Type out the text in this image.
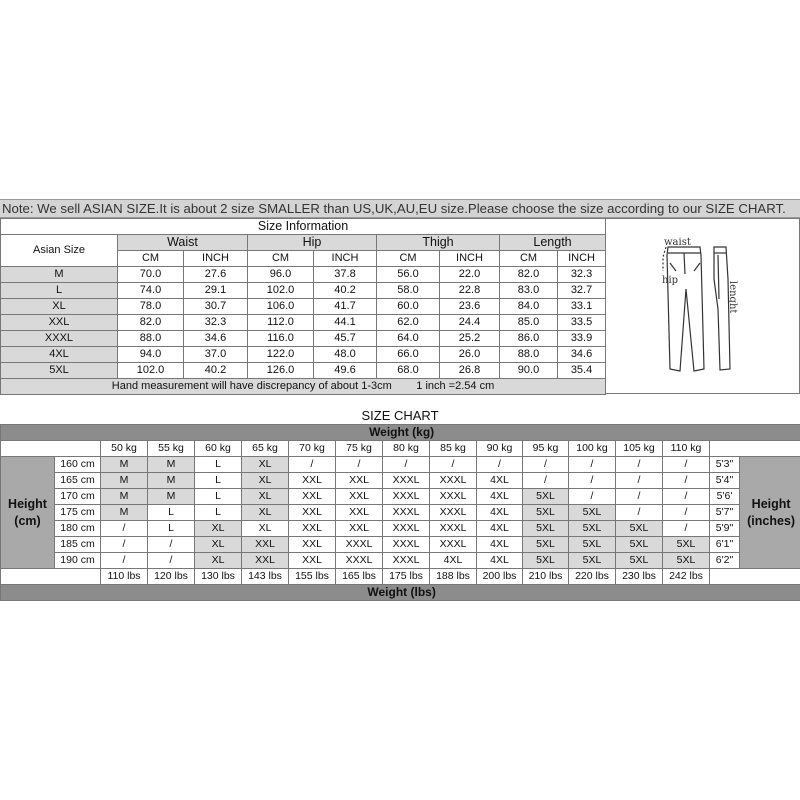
Note: We sell ASIAN SIZE.It is about 2 size SMALLER than US,UK,AU,EU size.Please choose the size according to our SIZE CHART.
Size Information								
Asian Size	Waist		Hip		Thigh		Length	
	CM	INCH	CM	INCH	CM	INCH	CM	INCH
M	70.0	27.6	96.0	37.8	56.0	22.0	82.0	32.3
L	74.0	29.1	102.0	40.2	58.0	22.8	83.0	32.7
XL	78.0	30.7	106.0	41.7	60.0	23.6	84.0	33.1
XXL	82.0	32.3	112.0	44.1	62.0	24.4	85.0	33.5
XXXL	88.0	34.6	116.0	45.7	64.0	25.2	86.0	33.9
4XL	94.0	37.0	122.0	48.0	66.0	26.0	88.0	34.6
5XL	102.0	40.2	126.0	49.6	68.0	26.8	90.0	35.4
Hand measurement will have discrepancy of about 1-3cm        1 inch =2.54 cm								
waist
hip
lenght
SIZE CHART
Weight (kg)																
		50 kg	55 kg	60 kg	65 kg	70 kg	75 kg	80 kg	85 kg	90 kg	95 kg	100 kg	105 kg	110 kg		
Height (cm)	160 cm	M	M	L	XL	/	/	/	/	/	/	/	/	/	5'3"	Height (inches)
	165 cm	M	M	L	XL	XXL	XXL	XXXL	XXXL	4XL	/	/	/	/	5'4"	
	170 cm	M	M	L	XL	XXL	XXL	XXXL	XXXL	4XL	5XL	/	/	/	5'6'	
	175 cm	M	L	L	XL	XXL	XXL	XXXL	XXXL	4XL	5XL	5XL	/	/	5'7"	
	180 cm	/	L	XL	XL	XXL	XXL	XXXL	XXXL	4XL	5XL	5XL	5XL	/	5'9"	
	185 cm	/	/	XL	XXL	XXL	XXXL	XXXL	XXXL	4XL	5XL	5XL	5XL	5XL	6'1"	
	190 cm	/	/	XL	XXL	XXL	XXXL	XXXL	4XL	4XL	5XL	5XL	5XL	5XL	6'2"	
		110 lbs	120 lbs	130 lbs	143 lbs	155 lbs	165 lbs	175 lbs	188 lbs	200 lbs	210 lbs	220 lbs	230 lbs	242 lbs		
Weight (lbs)																
